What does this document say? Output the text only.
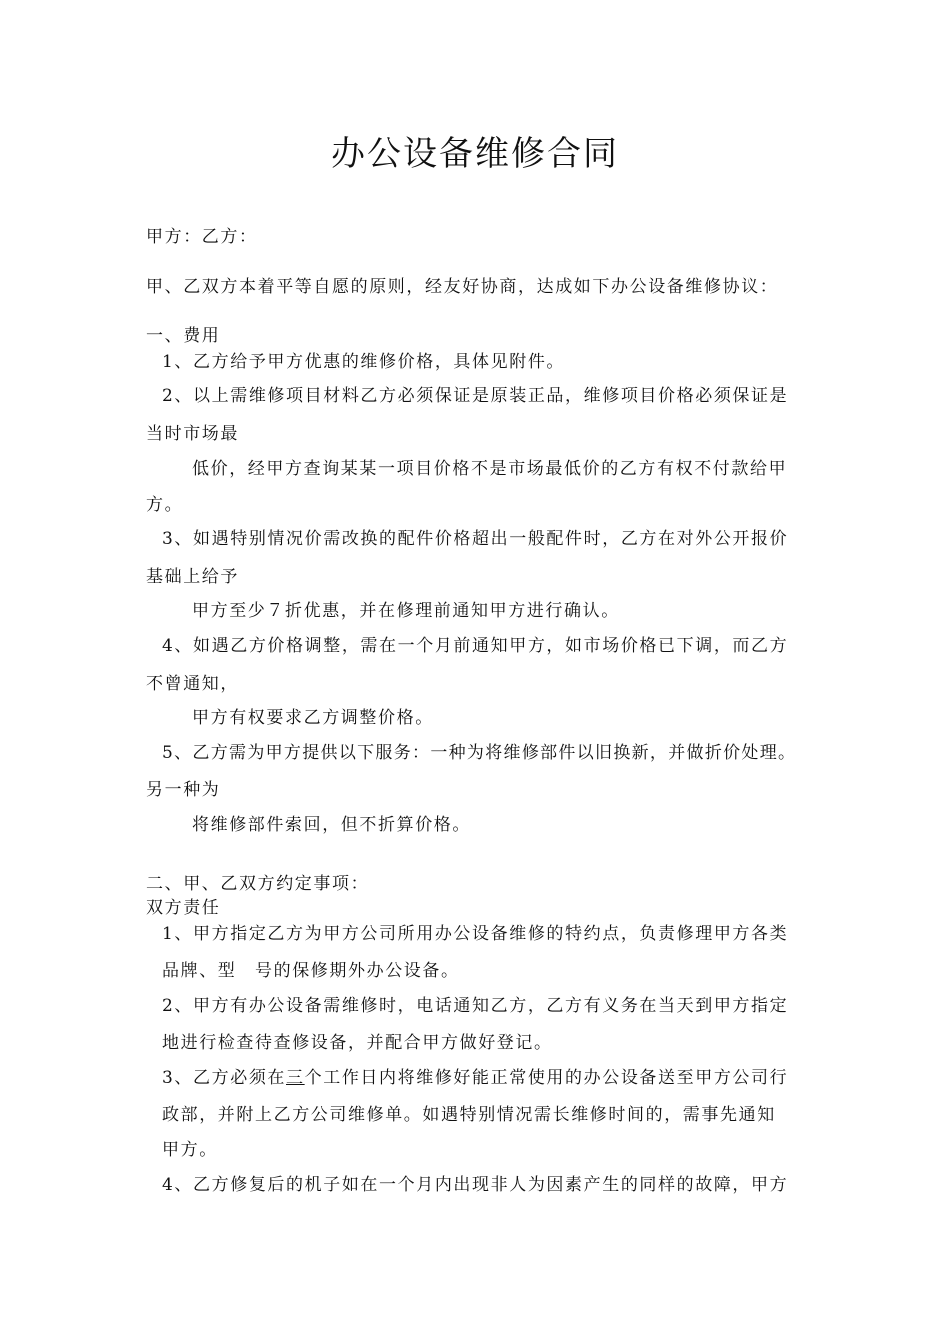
办公设备维修合同
甲方：乙方：
甲、乙双方本着平等自愿的原则，经友好协商，达成如下办公设备维修协议：
一、费用
1、乙方给予甲方优惠的维修价格，具体见附件。
2、以上需维修项目材料乙方必须保证是原装正品，维修项目价格必须保证是
当时市场最
低价，经甲方查询某某一项目价格不是市场最低价的乙方有权不付款给甲
方。
3、如遇特别情况价需改换的配件价格超出一般配件时，乙方在对外公开报价
基础上给予
甲方至少７折优惠，并在修理前通知甲方进行确认。
4、如遇乙方价格调整，需在一个月前通知甲方，如市场价格已下调，而乙方
不曾通知，
甲方有权要求乙方调整价格。
5、乙方需为甲方提供以下服务：一种为将维修部件以旧换新，并做折价处理。
另一种为
将维修部件索回，但不折算价格。
二、甲、乙双方约定事项：
双方责任
1、甲方指定乙方为甲方公司所用办公设备维修的特约点，负责修理甲方各类
品牌、型　号的保修期外办公设备。
2、甲方有办公设备需维修时，电话通知乙方，乙方有义务在当天到甲方指定
地进行检查待查修设备，并配合甲方做好登记。
3、乙方必须在三个工作日内将维修好能正常使用的办公设备送至甲方公司行
政部，并附上乙方公司维修单。如遇特别情况需长维修时间的，需事先通知
甲方。
4、乙方修复后的机子如在一个月内出现非人为因素产生的同样的故障，甲方
